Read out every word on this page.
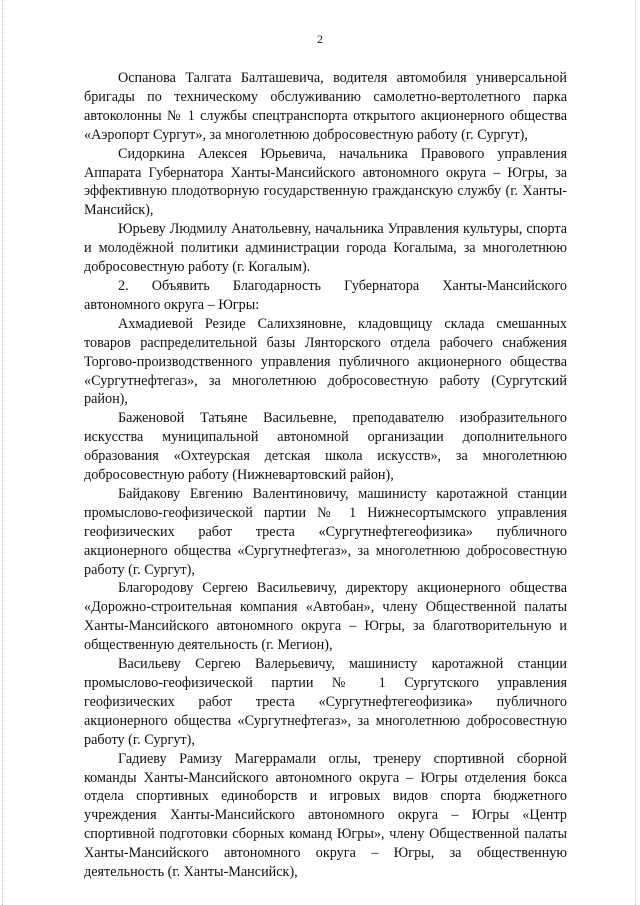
2

Оспанова Талгата Балташевича, водителя автомобиля универсальной бригады по техническому обслуживанию самолетно-вертолетного парка автоколонны № 1 службы спецтранспорта открытого акционерного общества «Аэропорт Сургут», за многолетнюю добросовестную работу (г. Сургут),

Сидоркина Алексея Юрьевича, начальника Правового управления Аппарата Губернатора Ханты-Мансийского автономного округа – Югры, за эффективную плодотворную государственную гражданскую службу (г. Ханты-Мансийск),

Юрьеву Людмилу Анатольевну, начальника Управления культуры, спорта и молодёжной политики администрации города Когалыма, за многолетнюю добросовестную работу (г. Когалым).

2. Объявить Благодарность Губернатора Ханты-Мансийского автономного округа – Югры:

Ахмадиевой Резиде Салихзяновне, кладовщицу склада смешанных товаров распределительной базы Лянторского отдела рабочего снабжения Торгово-производственного управления публичного акционерного общества «Сургутнефтегаз», за многолетнюю добросовестную работу (Сургутский район),

Баженовой Татьяне Васильевне, преподавателю изобразительного искусства муниципальной автономной организации дополнительного образования «Охтеурская детская школа искусств», за многолетнюю добросовестную работу (Нижневартовский район),

Байдакову Евгению Валентиновичу, машинисту каротажной станции промыслово-геофизической партии № 1 Нижнесортымского управления геофизических работ треста «Сургутнефтегеофизика» публичного акционерного общества «Сургутнефтегаз», за многолетнюю добросовестную работу (г. Сургут),

Благородову Сергею Васильевичу, директору акционерного общества «Дорожно-строительная компания «Автобан», члену Общественной палаты Ханты-Мансийского автономного округа – Югры, за благотворительную и общественную деятельность (г. Мегион),

Васильеву Сергею Валерьевичу, машинисту каротажной станции промыслово-геофизической партии № 1 Сургутского управления геофизических работ треста «Сургутнефтегеофизика» публичного акционерного общества «Сургутнефтегаз», за многолетнюю добросовестную работу (г. Сургут),

Гадиеву Рамизу Магеррамали оглы, тренеру спортивной сборной команды Ханты-Мансийского автономного округа – Югры отделения бокса отдела спортивных единоборств и игровых видов спорта бюджетного учреждения Ханты-Мансийского автономного округа – Югры «Центр спортивной подготовки сборных команд Югры», члену Общественной палаты Ханты-Мансийского автономного округа – Югры, за общественную деятельность (г. Ханты-Мансийск),
